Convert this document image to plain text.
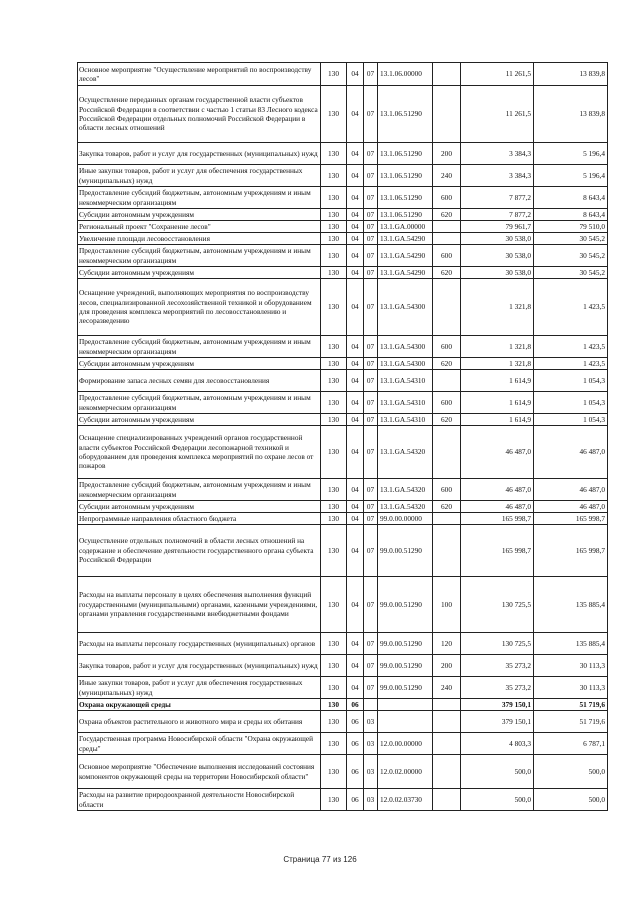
Основное мероприятие "Осуществление мероприятий по воспроизводству лесов"	130	04	07	13.1.06.00000		11 261,5	13 839,8
Осуществление переданных органам государственной власти субъектов Российской Федерации в соответствии с частью 1 статьи 83 Лесного кодекса Российской Федерации отдельных полномочий Российской Федерации в области лесных отношений	130	04	07	13.1.06.51290		11 261,5	13 839,8
Закупка товаров, работ и услуг для государственных (муниципальных) нужд	130	04	07	13.1.06.51290	200	3 384,3	5 196,4
Иные закупки товаров, работ и услуг для обеспечения государственных (муниципальных) нужд	130	04	07	13.1.06.51290	240	3 384,3	5 196,4
Предоставление субсидий бюджетным, автономным учреждениям и иным некоммерческим организациям	130	04	07	13.1.06.51290	600	7 877,2	8 643,4
Субсидии автономным учреждениям	130	04	07	13.1.06.51290	620	7 877,2	8 643,4
Региональный проект "Сохранение лесов"	130	04	07	13.1.GA.00000		79 961,7	79 510,0
Увеличение площади лесовосстановления	130	04	07	13.1.GA.54290		30 538,0	30 545,2
Предоставление субсидий бюджетным, автономным учреждениям и иным некоммерческим организациям	130	04	07	13.1.GA.54290	600	30 538,0	30 545,2
Субсидии автономным учреждениям	130	04	07	13.1.GA.54290	620	30 538,0	30 545,2
Оснащение учреждений, выполняющих мероприятия по воспроизводству лесов, специализированной лесохозяйственной техникой и оборудованием для проведения комплекса мероприятий по лесовосстановлению и лесоразведению	130	04	07	13.1.GA.54300		1 321,8	1 423,5
Предоставление субсидий бюджетным, автономным учреждениям и иным некоммерческим организациям	130	04	07	13.1.GA.54300	600	1 321,8	1 423,5
Субсидии автономным учреждениям	130	04	07	13.1.GA.54300	620	1 321,8	1 423,5
Формирование запаса лесных семян для лесовосстановления	130	04	07	13.1.GA.54310		1 614,9	1 054,3
Предоставление субсидий бюджетным, автономным учреждениям и иным некоммерческим организациям	130	04	07	13.1.GA.54310	600	1 614,9	1 054,3
Субсидии автономным учреждениям	130	04	07	13.1.GA.54310	620	1 614,9	1 054,3
Оснащение специализированных учреждений органов государственной власти субъектов Российской Федерации лесопожарной техникой и оборудованием для проведения комплекса мероприятий по охране лесов от пожаров	130	04	07	13.1.GA.54320		46 487,0	46 487,0
Предоставление субсидий бюджетным, автономным учреждениям и иным некоммерческим организациям	130	04	07	13.1.GA.54320	600	46 487,0	46 487,0
Субсидии автономным учреждениям	130	04	07	13.1.GA.54320	620	46 487,0	46 487,0
Непрограммные направления областного бюджета	130	04	07	99.0.00.00000		165 998,7	165 998,7
Осуществление отдельных полномочий в области лесных отношений на содержание и обеспечение деятельности государственного органа субъекта Российской Федерации	130	04	07	99.0.00.51290		165 998,7	165 998,7
Расходы на выплаты персоналу в целях обеспечения выполнения функций государственными (муниципальными) органами, казенными учреждениями, органами управления государственными внебюджетными фондами	130	04	07	99.0.00.51290	100	130 725,5	135 885,4
Расходы на выплаты персоналу государственных (муниципальных) органов	130	04	07	99.0.00.51290	120	130 725,5	135 885,4
Закупка товаров, работ и услуг для государственных (муниципальных) нужд	130	04	07	99.0.00.51290	200	35 273,2	30 113,3
Иные закупки товаров, работ и услуг для обеспечения государственных (муниципальных) нужд	130	04	07	99.0.00.51290	240	35 273,2	30 113,3
Охрана окружающей среды	130	06				379 150,1	51 719,6
Охрана объектов растительного и животного мира и среды их обитания	130	06	03			379 150,1	51 719,6
Государственная программа Новосибирской области "Охрана окружающей среды"	130	06	03	12.0.00.00000		4 803,3	6 787,1
Основное мероприятие "Обеспечение выполнения исследований состояния компонентов окружающей среды на территории Новосибирской области"	130	06	03	12.0.02.00000		500,0	500,0
Расходы на развитие природоохранной деятельности Новосибирской области	130	06	03	12.0.02.03730		500,0	500,0
Страница 77 из 126
